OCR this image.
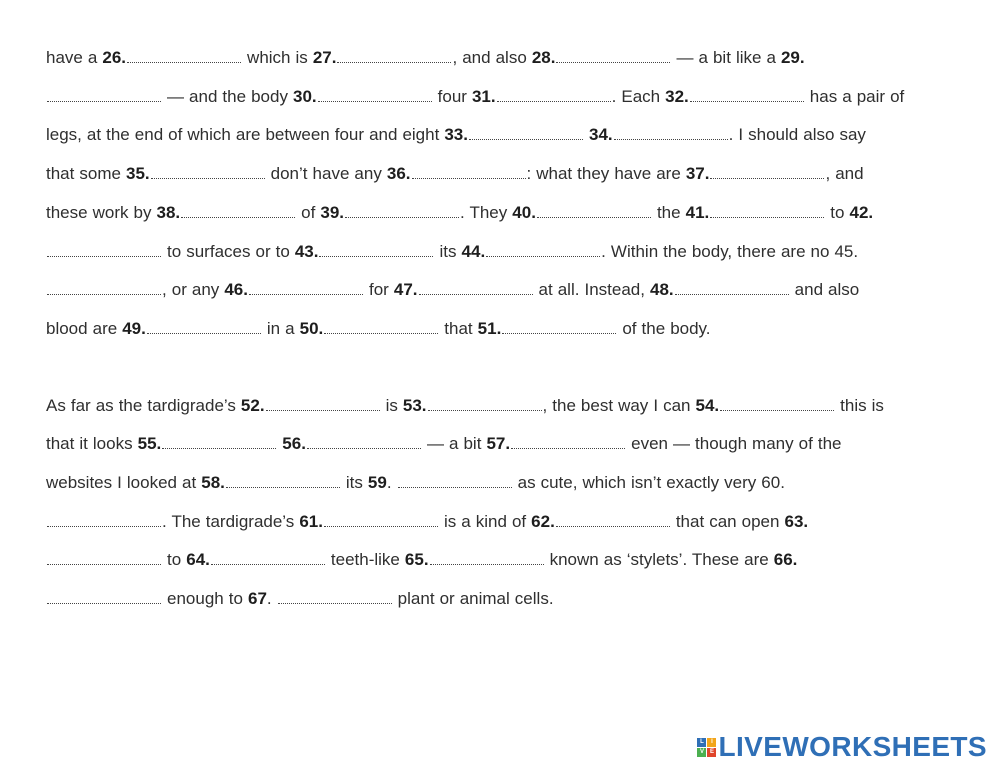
have a 26.	which is 27.	, and also 28.	— a bit like a 29.
— and the body 30.	four 31.	. Each 32.	has a pair of
legs, at the end of which are between four and eight 33.	34.	. I should also say
that some 35.	don’t have any 36.	: what they have are 37.	, and
these work by 38.	of 39.	. They 40.	the 41.	to 42.
to surfaces or to 43.	its 44.	. Within the body, there are no 45.
, or any 46.	for 47.	at all. Instead, 48.	and also
blood are 49.	in a 50.	that 51.	of the body.

As far as the tardigrade’s 52.	is 53.	, the best way I can 54.	this is
that it looks 55.	56.	— a bit 57.	even — though many of the
websites I looked at 58.	its 59.	as cute, which isn’t exactly very 60.
. The tardigrade’s 61.	is a kind of 62.	that can open 63.
to 64.	teeth-like 65.	known as ‘stylets’. These are 66.
enough to 67.	plant or animal cells.

L	I
V E LIVEWORKSHEETS
